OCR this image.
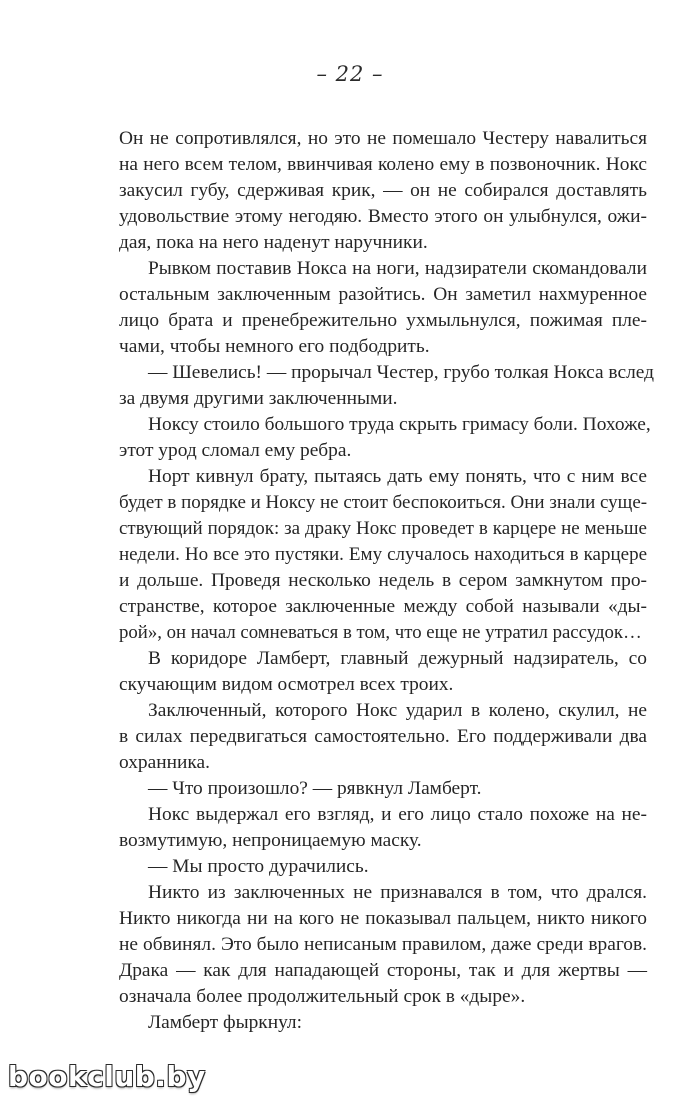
– 22 –
Он не сопротивлялся, но это не помешало Честеру навалиться
на него всем телом, ввинчивая колено ему в позвоночник. Нокс
закусил губу, сдерживая крик, — он не собирался доставлять
удовольствие этому негодяю. Вместо этого он улыбнулся, ожи-
дая, пока на него наденут наручники.
Рывком поставив Нокса на ноги, надзиратели скомандовали
остальным заключенным разойтись. Он заметил нахмуренное
лицо брата и пренебрежительно ухмыльнулся, пожимая пле-
чами, чтобы немного его подбодрить.
— Шевелись! — прорычал Честер, грубо толкая Нокса вслед
за двумя другими заключенными.
Ноксу стоило большого труда скрыть гримасу боли. Похоже,
этот урод сломал ему ребра.
Норт кивнул брату, пытаясь дать ему понять, что с ним все
будет в порядке и Ноксу не стоит беспокоиться. Они знали суще-
ствующий порядок: за драку Нокс проведет в карцере не меньше
недели. Но все это пустяки. Ему случалось находиться в карцере
и дольше. Проведя несколько недель в сером замкнутом про-
странстве, которое заключенные между собой называли «ды-
рой», он начал сомневаться в том, что еще не утратил рассудок…
В коридоре Ламберт, главный дежурный надзиратель, со
скучающим видом осмотрел всех троих.
Заключенный, которого Нокс ударил в колено, скулил, не
в силах передвигаться самостоятельно. Его поддерживали два
охранника.
— Что произошло? — рявкнул Ламберт.
Нокс выдержал его взгляд, и его лицо стало похоже на не-
возмутимую, непроницаемую маску.
— Мы просто дурачились.
Никто из заключенных не признавался в том, что дрался.
Никто никогда ни на кого не показывал пальцем, никто никого
не обвинял. Это было неписаным правилом, даже среди врагов.
Драка — как для нападающей стороны, так и для жертвы —
означала более продолжительный срок в «дыре».
Ламберт фыркнул:
bookclub.by
